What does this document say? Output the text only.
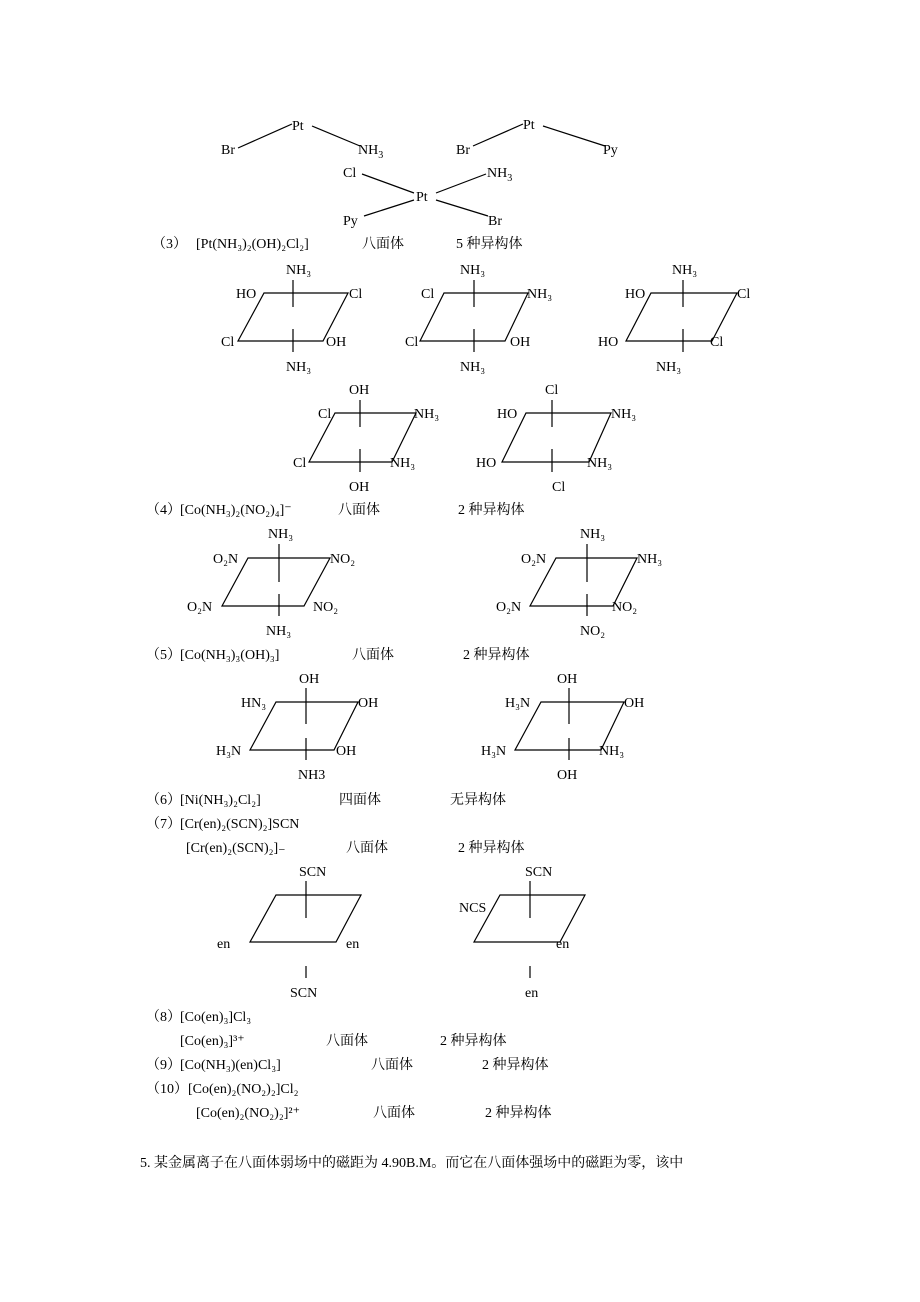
Pt
Br	$NH_3$
Pt
Br	Py
Pt
Cl	$NH_3$
Py	Br
（3） [Pt(NH₃)₂(OH)₂Cl₂]	八面体	5 种异构体
NH₃
HO	Cl
Cl	OH
NH₃
NH₃
Cl	NH₃
Cl	OH
NH₃
NH₃
HO	Cl
HO	Cl
NH₃
OH
Cl	NH₃
Cl	NH₃
OH
Cl
HO	NH₃
HO	NH₃
Cl
（4） [Co(NH₃)₂(NO₂)₄]⁻	八面体	2 种异构体
NH₃
O₂N	NO₂
O₂N	NO₂
NH₃
NH₃
O₂N	NH₃
O₂N	NO₂
NO₂
（5） [Co(NH₃)₃(OH)₃]	八面体	2 种异构体
OH
HN₃	OH
H₃N	OH
NH3
OH
H₃N	OH
H₃N	NH₃
OH
（6） [Ni(NH₃)₂Cl₂]	四面体	无异构体
（7） [Cr(en)₂(SCN)₂]SCN
[Cr(en)₂(SCN)₂]₋	八面体	2 种异构体
SCN
en	en
SCN
SCN
NCS
en
en
（8） [Co(en)₃]Cl₃
[Co(en)₃]³⁺	八面体	2 种异构体
（9） [Co(NH₃)(en)Cl₃]	八面体	2 种异构体
（10） [Co(en)₂(NO₂)₂]Cl₂
[Co(en)₂(NO₂)₂]²⁺	八面体	2 种异构体
5. 某金属离子在八面体弱场中的磁距为 4.90B.M。而它在八面体强场中的磁距为零，该中
